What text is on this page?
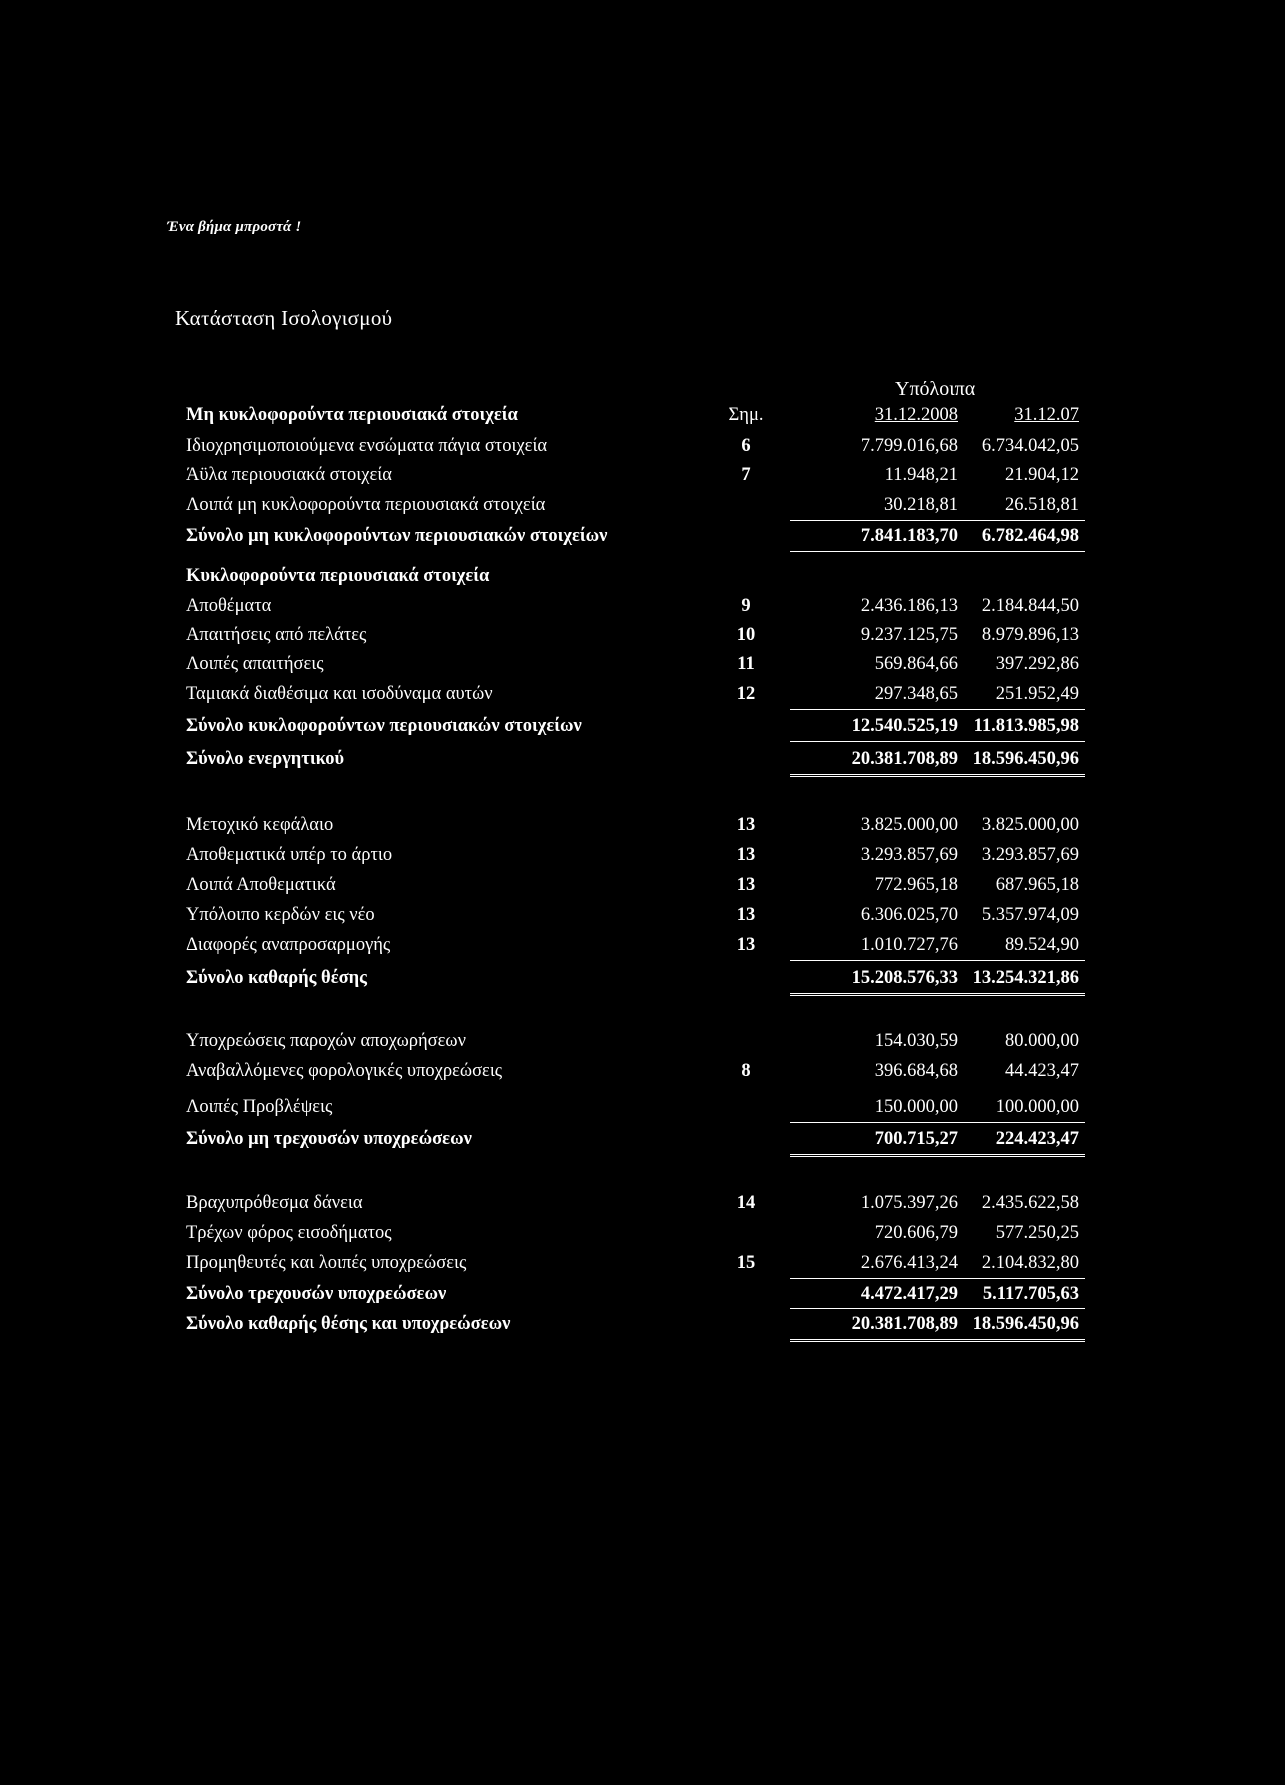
Ένα βήμα μπροστά !
Κατάσταση Ισολογισμού
Υπόλοιπα
Μη κυκλοφορούντα περιουσιακά στοιχεία	Σημ.	31.12.2008	31.12.07
Ιδιοχρησιμοποιούμενα ενσώματα πάγια στοιχεία	6	7.799.016,68	6.734.042,05
Άϋλα περιουσιακά στοιχεία	7	11.948,21	21.904,12
Λοιπά μη κυκλοφορούντα περιουσιακά στοιχεία	30.218,81	26.518,81
Σύνολο μη κυκλοφορούντων περιουσιακών στοιχείων	7.841.183,70	6.782.464,98
Κυκλοφορούντα περιουσιακά στοιχεία
Αποθέματα	9	2.436.186,13	2.184.844,50
Απαιτήσεις από πελάτες	10	9.237.125,75	8.979.896,13
Λοιπές απαιτήσεις	11	569.864,66	397.292,86
Ταμιακά διαθέσιμα και ισοδύναμα αυτών	12	297.348,65	251.952,49
Σύνολο κυκλοφορούντων περιουσιακών στοιχείων	12.540.525,19 11.813.985,98
Σύνολο ενεργητικού	20.381.708,89 18.596.450,96
Μετοχικό κεφάλαιο	13	3.825.000,00	3.825.000,00
Αποθεματικά υπέρ το άρτιο	13	3.293.857,69	3.293.857,69
Λοιπά Αποθεματικά	13	772.965,18	687.965,18
Υπόλοιπο κερδών εις νέο	13	6.306.025,70	5.357.974,09
Διαφορές αναπροσαρμογής	13	1.010.727,76	89.524,90
Σύνολο καθαρής θέσης	15.208.576,33 13.254.321,86
Υποχρεώσεις παροχών αποχωρήσεων	154.030,59	80.000,00
Αναβαλλόμενες φορολογικές υποχρεώσεις	8	396.684,68	44.423,47
Λοιπές Προβλέψεις	150.000,00	100.000,00
Σύνολο μη τρεχουσών υποχρεώσεων	700.715,27	224.423,47
Βραχυπρόθεσμα δάνεια	14	1.075.397,26	2.435.622,58
Τρέχων φόρος εισοδήματος	720.606,79	577.250,25
Προμηθευτές και λοιπές υποχρεώσεις	15	2.676.413,24	2.104.832,80
Σύνολο τρεχουσών υποχρεώσεων	4.472.417,29	5.117.705,63
Σύνολο καθαρής θέσης και υποχρεώσεων	20.381.708,89 18.596.450,96
